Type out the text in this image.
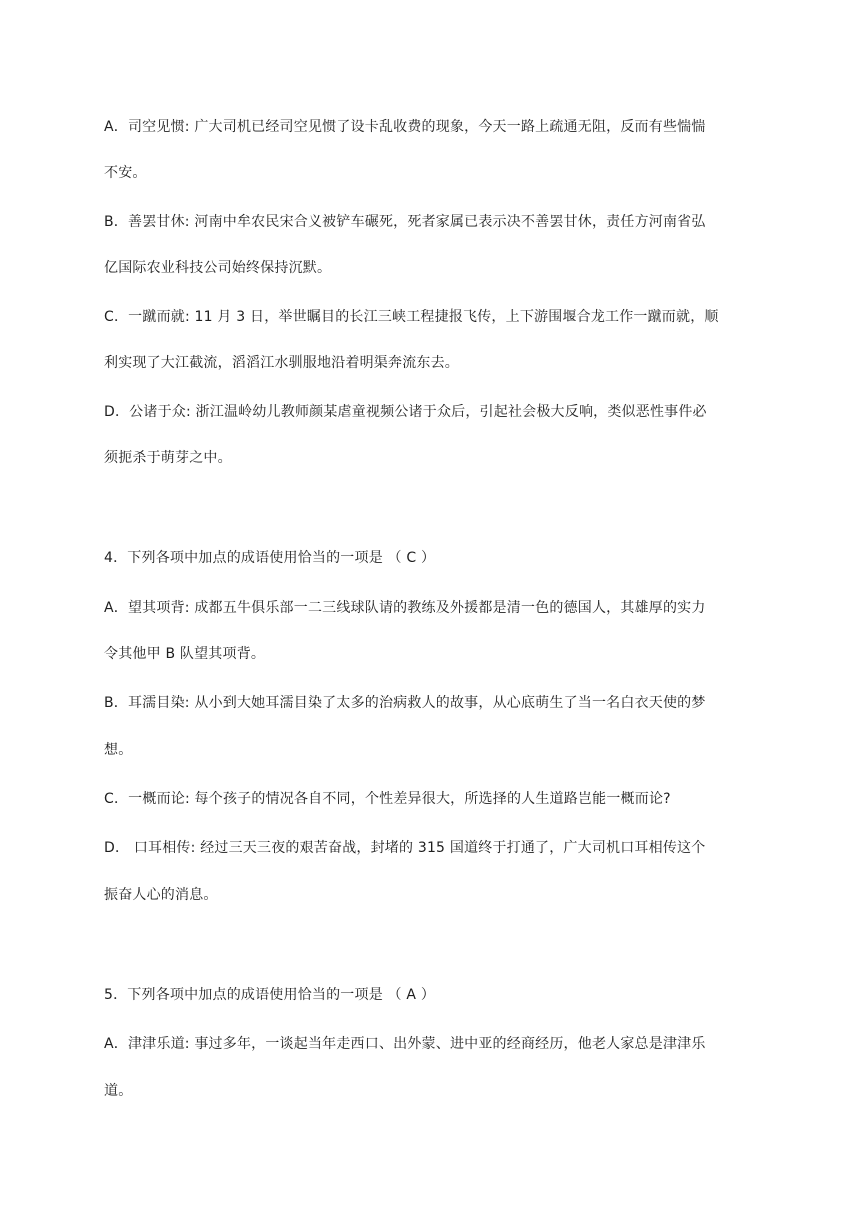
A．司空见惯: 广大司机已经司空见惯了设卡乱收费的现象，今天一路上疏通无阻，反而有些惴惴
不安。
B．善罢甘休: 河南中牟农民宋合义被铲车碾死，死者家属已表示决不善罢甘休，责任方河南省弘
亿国际农业科技公司始终保持沉默。
C．一蹴而就: 11 月 3 日，举世瞩目的长江三峡工程捷报飞传，上下游围堰合龙工作一蹴而就，顺
利实现了大江截流，滔滔江水驯服地沿着明渠奔流东去。
D．公诸于众: 浙江温岭幼儿教师颜某虐童视频公诸于众后，引起社会极大反响，类似恶性事件必
须扼杀于萌芽之中。
4．下列各项中加点的成语使用恰当的一项是 （ C ）
A．望其项背: 成都五牛俱乐部一二三线球队请的教练及外援都是清一色的德国人，其雄厚的实力
令其他甲 B 队望其项背。
B．耳濡目染: 从小到大她耳濡目染了太多的治病救人的故事，从心底萌生了当一名白衣天使的梦
想。
C．一概而论: 每个孩子的情况各自不同，个性差异很大，所选择的人生道路岂能一概而论?
D． 口耳相传: 经过三天三夜的艰苦奋战，封堵的 315 国道终于打通了，广大司机口耳相传这个
振奋人心的消息。
5．下列各项中加点的成语使用恰当的一项是 （ A ）
A．津津乐道: 事过多年，一谈起当年走西口、出外蒙、进中亚的经商经历，他老人家总是津津乐
道。
